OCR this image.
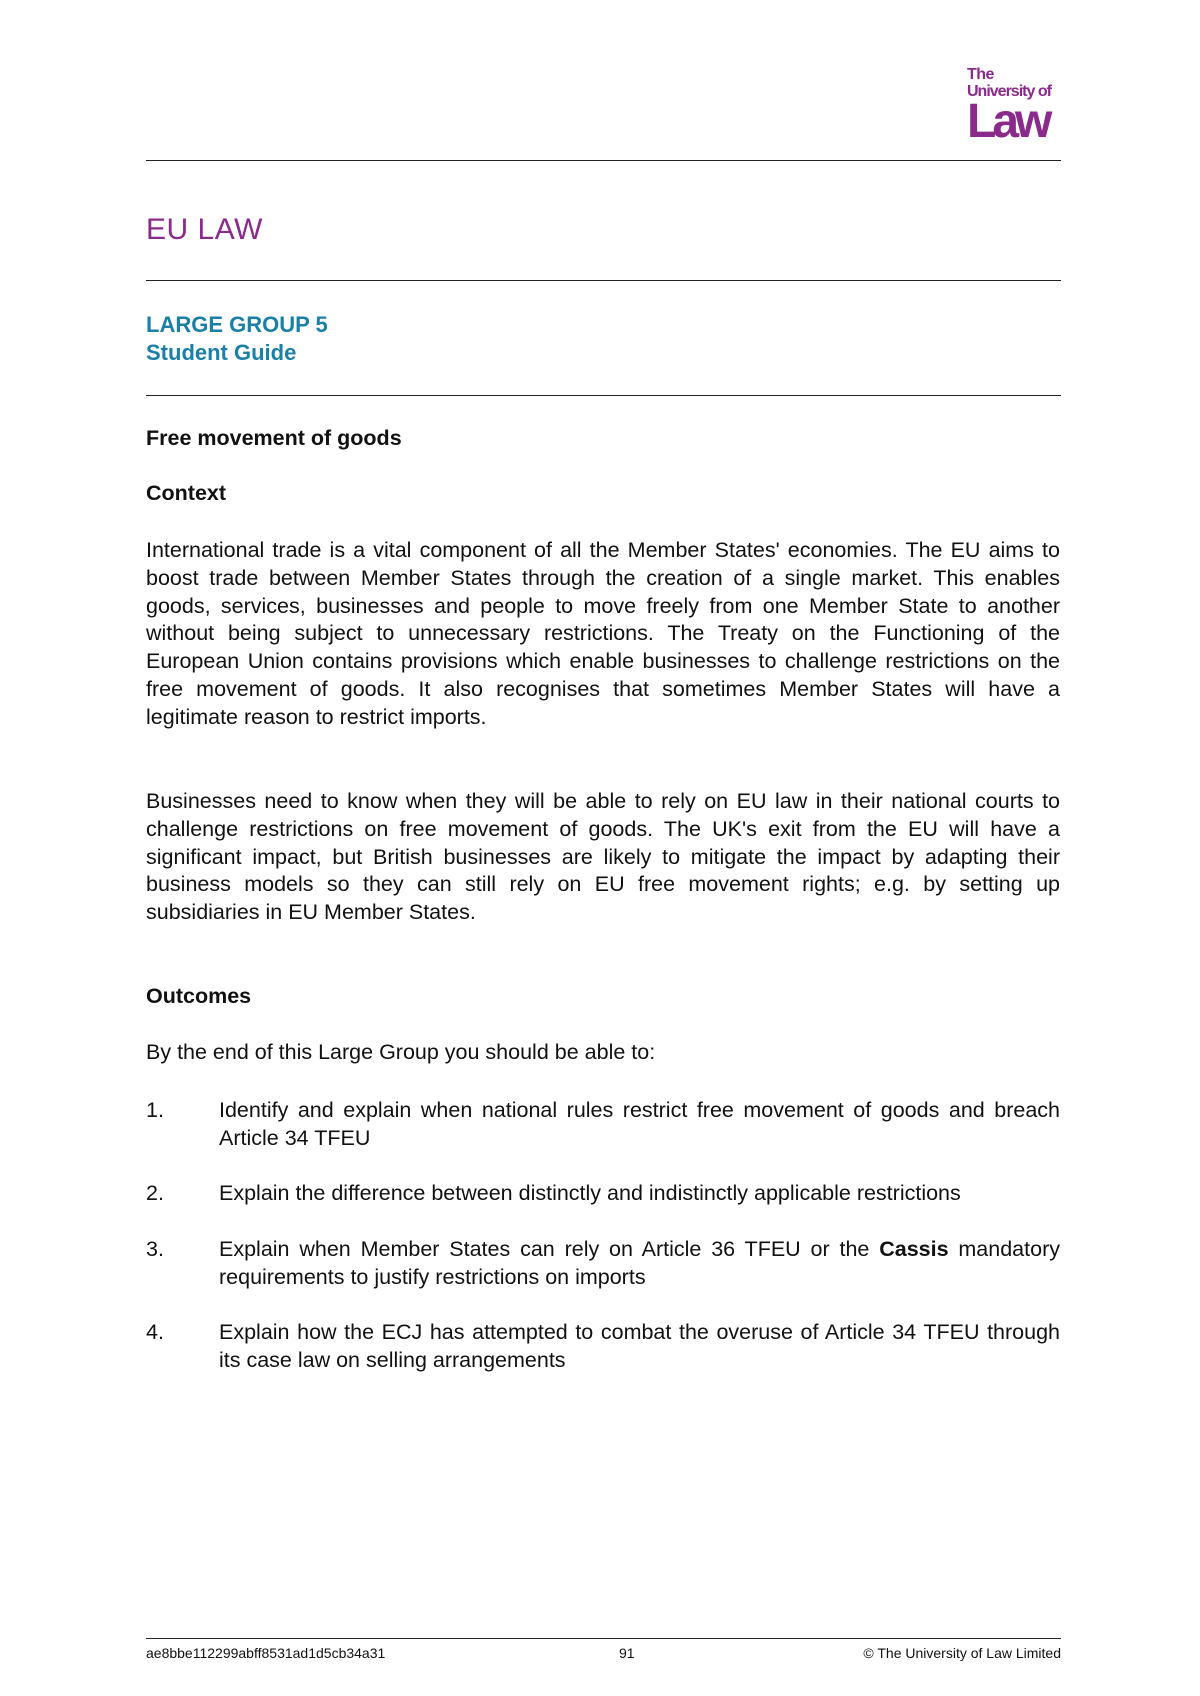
The
University of
Law
EU LAW
LARGE GROUP 5
Student Guide
Free movement of goods
Context
International trade is a vital component of all the Member States' economies. The EU aims to boost trade between Member States through the creation of a single market. This enables goods, services, businesses and people to move freely from one Member State to another without being subject to unnecessary restrictions. The Treaty on the Functioning of the European Union contains provisions which enable businesses to challenge restrictions on the free movement of goods. It also recognises that sometimes Member States will have a legitimate reason to restrict imports.
Businesses need to know when they will be able to rely on EU law in their national courts to challenge restrictions on free movement of goods. The UK's exit from the EU will have a significant impact, but British businesses are likely to mitigate the impact by adapting their business models so they can still rely on EU free movement rights; e.g. by setting up subsidiaries in EU Member States.
Outcomes
By the end of this Large Group you should be able to:
1.	Identify and explain when national rules restrict free movement of goods and breach Article 34 TFEU
2.	Explain the difference between distinctly and indistinctly applicable restrictions
3.	Explain when Member States can rely on Article 36 TFEU or the Cassis mandatory requirements to justify restrictions on imports
4.	Explain how the ECJ has attempted to combat the overuse of Article 34 TFEU through its case law on selling arrangements
ae8bbe112299abff8531ad1d5cb34a31	91	© The University of Law Limited
